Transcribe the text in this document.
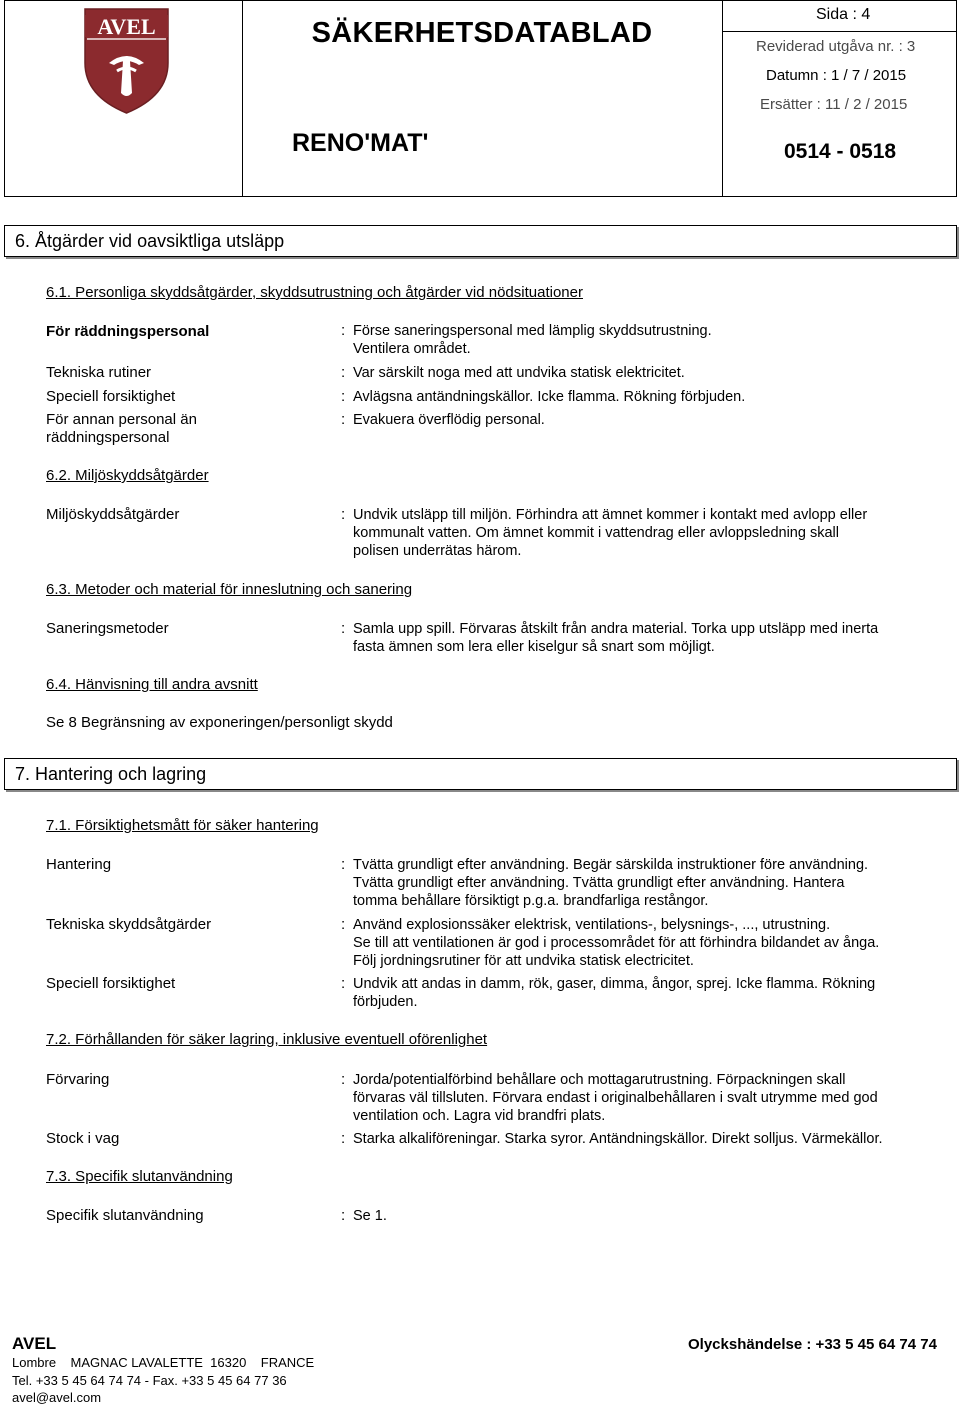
AVEL	SÄKERHETSDATABLAD
RENO'MAT'
Sida : 4
Reviderad utgåva nr. : 3
Datumn : 1 / 7 / 2015
Ersätter : 11 / 2 / 2015
0514 - 0518
6. Åtgärder vid oavsiktliga utsläpp
6.1. Personliga skyddsåtgärder, skyddsutrustning och åtgärder vid nödsituationer
För räddningspersonal	: Förse saneringspersonal med lämplig skyddsutrustning.
Ventilera området.
Tekniska rutiner	: Var särskilt noga med att undvika statisk elektricitet.
Speciell forsiktighet	: Avlägsna antändningskällor. Icke flamma. Rökning förbjuden.
För annan personal än
räddningspersonal
: Evakuera överflödig personal.
6.2. Miljöskyddsåtgärder
Miljöskyddsåtgärder	: Undvik utsläpp till miljön. Förhindra att ämnet kommer i kontakt med avlopp eller
kommunalt vatten. Om ämnet kommit i vattendrag eller avloppsledning skall
polisen underrätas härom.
6.3. Metoder och material för inneslutning och sanering
Saneringsmetoder	: Samla upp spill. Förvaras åtskilt från andra material. Torka upp utsläpp med inerta
fasta ämnen som lera eller kiselgur så snart som möjligt.
6.4. Hänvisning till andra avsnitt
Se 8 Begränsning av exponeringen/personligt skydd
7. Hantering och lagring
7.1. Försiktighetsmått för säker hantering
Hantering	: Tvätta grundligt efter användning. Begär särskilda instruktioner före användning.
Tvätta grundligt efter användning. Tvätta grundligt efter användning. Hantera
tomma behållare försiktigt p.g.a. brandfarliga restångor.
Tekniska skyddsåtgärder	: Använd explosionssäker elektrisk, ventilations-, belysnings-, ..., utrustning.
Se till att ventilationen är god i processområdet för att förhindra bildandet av ånga.
Följ jordningsrutiner för att undvika statisk electricitet.
Speciell forsiktighet	: Undvik att andas in damm, rök, gaser, dimma, ångor, sprej. Icke flamma. Rökning
förbjuden.
7.2. Förhållanden för säker lagring, inklusive eventuell oförenlighet
Förvaring	: Jorda/potentialförbind behållare och mottagarutrustning. Förpackningen skall
förvaras väl tillsluten. Förvara endast i originalbehållaren i svalt utrymme med god
ventilation och. Lagra vid brandfri plats.
Stock i vag	: Starka alkaliföreningar. Starka syror. Antändningskällor. Direkt solljus. Värmekällor.
7.3. Specifik slutanvändning
Specifik slutanvändning	: Se 1.
AVEL	Olyckshändelse : +33 5 45 64 74 74
Lombre    MAGNAC LAVALETTE  16320    FRANCE
Tel. +33 5 45 64 74 74 - Fax. +33 5 45 64 77 36
avel@avel.com
